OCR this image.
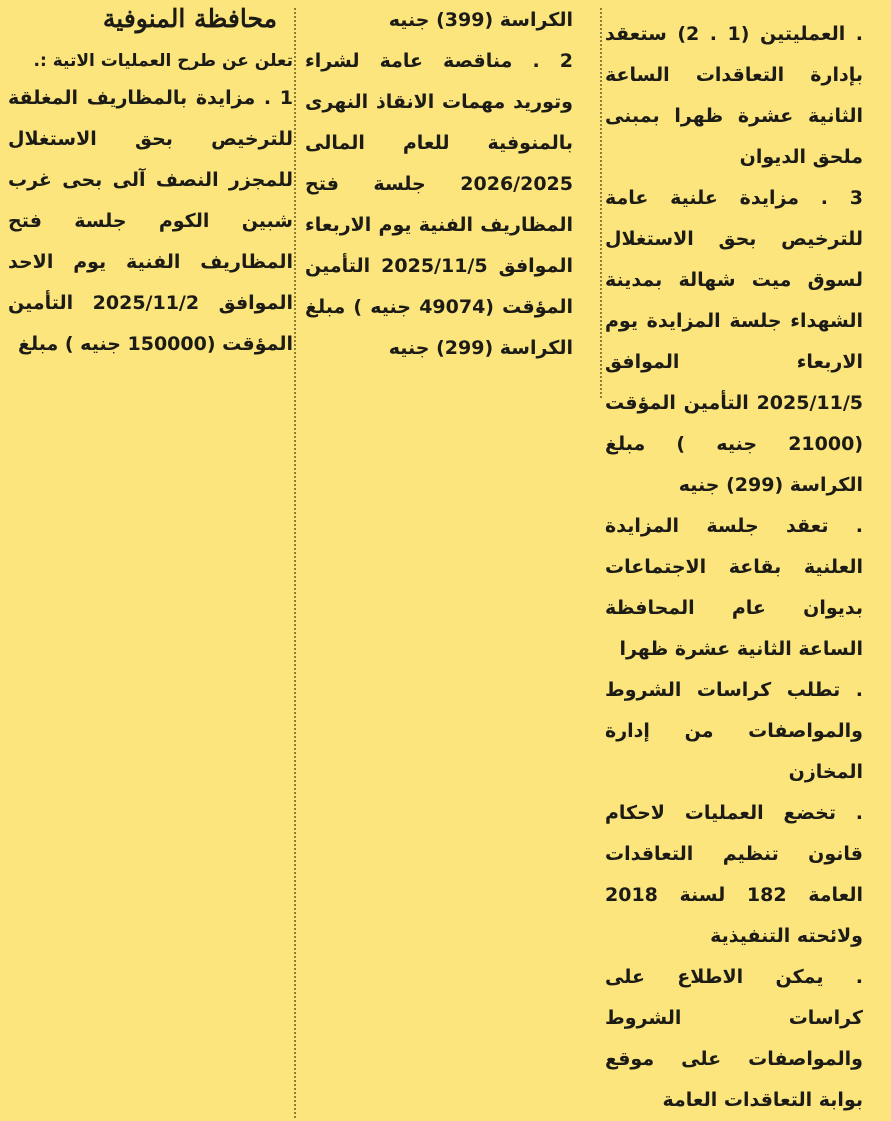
محافظة المنوفية

تعلن عن طرح العمليات الاتية :.

1 . مزايدة بالمظاريف المغلقة للترخيص بحق الاستغلال للمجزر النصف آلى بحى غرب شبين الكوم جلسة فتح المظاريف الفنية يوم الاحد الموافق 2025/11/2 التأمين المؤقت (150000 جنيه ) مبلغ

الكراسة (399) جنيه

2 . مناقصة عامة لشراء وتوريد مهمات الانقاذ النهرى بالمنوفية للعام المالى 2026/2025 جلسة فتح المظاريف الفنية يوم الاربعاء الموافق 2025/11/5 التأمين المؤقت (49074 جنيه ) مبلغ الكراسة (299) جنيه

. العمليتين (1 . 2) ستعقد بإدارة التعاقدات الساعة الثانية عشرة ظهرا بمبنى ملحق الديوان

3 . مزايدة علنية عامة للترخيص بحق الاستغلال لسوق ميت شهالة بمدينة الشهداء جلسة المزايدة يوم الاربعاء الموافق 2025/11/5 التأمين المؤقت (21000 جنيه ) مبلغ الكراسة (299) جنيه

. تعقد جلسة المزايدة العلنية بقاعة الاجتماعات بديوان عام المحافظة الساعة الثانية عشرة ظهرا

. تطلب كراسات الشروط والمواصفات من إدارة المخازن

. تخضع العمليات لاحكام قانون تنظيم التعاقدات العامة 182 لسنة 2018 ولائحته التنفيذية

. يمكن الاطلاع على كراسات الشروط والمواصفات على موقع بوابة التعاقدات العامة
